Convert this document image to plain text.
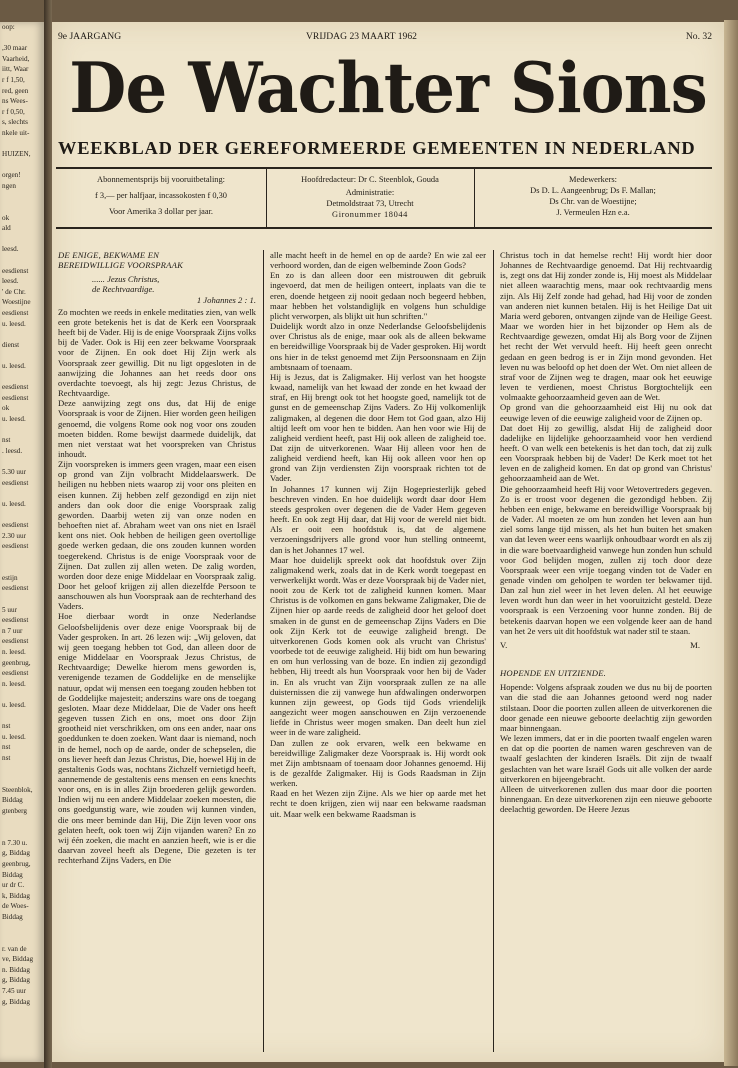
oop:

,30 maar
Vaarheid,
iitt, Waar
r f 1,50,
red, geen
ns Wees-
r f 0,50,
s, slechts
nkele uit-

HUIZEN,

orgen!
ngen

ok
ald

leesd.

eesdienst
leesd.
' de Chr.
Woestijne
eesdienst
u. leesd.

dienst

u. leesd.

eesdienst
eesdienst
ok
u. leesd.

nst
. leesd.

5.30 uur
eesdienst

u. leesd.

eesdienst
2.30 uur
eesdienst

estijn
eesdienst

5 uur
eesdienst
n 7 uur
eesdienst
n. leesd.
geenbrug,
eesdienst
n. leesd.

u. leesd.

nst
u. leesd.
nst
nst

Steenblok,
Biddag
gtenberg

n 7.30 u.
g, Biddag
geenbrug,
Biddag
ur dr C.
k, Biddag
de Woes-
Biddag

r. van de
ve, Biddag
n. Biddag
g, Biddag
7.45 uur
g, Biddag
9e JAARGANG	VRIJDAG 23 MAART 1962	No. 32
De Wachter Sions
WEEKBLAD DER GEREFORMEERDE GEMEENTEN IN NEDERLAND
Abonnementsprijs bij vooruitbetaling:
f 3,— per halfjaar, incassokosten f 0,30
Voor Amerika 3 dollar per jaar.
Hoofdredacteur: Dr C. Steenblok, Gouda
Administratie:
Detmoldstraat 73, Utrecht
Gironummer 18044
Medewerkers:
Ds D. L. Aangeenbrug; Ds F. Mallan;
Ds Chr. van de Woestijne;
J. Vermeulen Hzn e.a.
DE ENIGE, BEKWAME EN
BEREIDWILLIGE VOORSPRAAK
...... Jezus Christus,
de Rechtvaardige.
1 Johannes 2 : 1.

Zo mochten we reeds in enkele meditaties zien, van welk een grote betekenis het is dat de Kerk een Voorspraak heeft bij de Vader. Hij is de enige Voorspraak Zijns volks bij de Vader. Ook is Hij een zeer bekwame Voorspraak voor de Zijnen. En ook doet Hij Zijn werk als Voorspraak zeer gewillig. Dit nu ligt opgesloten in de aanwijzing die Johannes aan het reeds door ons overdachte toevoegt, als hij zegt: Jezus Christus, de Rechtvaardige.

Deze aanwijzing zegt ons dus, dat Hij de enige Voorspraak is voor de Zijnen. Hier worden geen heiligen genoemd, die volgens Rome ook nog voor ons zouden moeten bidden. Rome bewijst daarmede duidelijk, dat men niet verstaat wat het voorspreken van Christus inhoudt.

Zijn voorspreken is immers geen vragen, maar een eisen op grond van Zijn volbracht Middelaarswerk. De heiligen nu hebben niets waarop zij voor ons pleiten en eisen kunnen. Zij hebben zelf gezondigd en zijn niet anders dan ook door die enige Voorspraak zalig geworden. Daarbij weten zij van onze noden en behoeften niet af. Abraham weet van ons niet en Israël kent ons niet. Ook hebben de heiligen geen overtollige goede werken gedaan, die ons zouden kunnen worden toegerekend. Christus is de enige Voorspraak voor de Zijnen. Dat zullen zij allen weten. De zalig worden, worden door deze enige Middelaar en Voorspraak zalig. Door het geloof krijgen zij allen diezelfde Persoon te aanschouwen als hun Voorspraak aan de rechterhand des Vaders.

Hoe dierbaar wordt in onze Nederlandse Geloofsbelijdenis over deze enige Voorspraak bij de Vader gesproken. In art. 26 lezen wij: „Wij geloven, dat wij geen toegang hebben tot God, dan alleen door de enige Middelaar en Voorspraak Jezus Christus, de Rechtvaardige; Dewelke hierom mens geworden is, verenigende tezamen de Goddelijke en de menselijke natuur, opdat wij mensen een toegang zouden hebben tot de Goddelijke majesteit; anderszins ware ons de toegang gesloten. Maar deze Middelaar, Die de Vader ons heeft gegeven tussen Zich en ons, moet ons door Zijn grootheid niet verschrikken, om ons een ander, naar ons goeddunken te doen zoeken. Want daar is niemand, noch in de hemel, noch op de aarde, onder de schepselen, die ons liever heeft dan Jezus Christus, Die, hoewel Hij in de gestaltenis Gods was, nochtans Zichzelf vernietigd heeft, aannemende de gestaltenis eens mensen en eens knechts voor ons, en is in alles Zijn broederen gelijk geworden. Indien wij nu een andere Middelaar zoeken moesten, die ons goedgunstig ware, wie zouden wij kunnen vinden, die ons meer beminde dan Hij, Die Zijn leven voor ons gelaten heeft, ook toen wij Zijn vijanden waren? En zo wij één zoeken, die macht en aanzien heeft, wie is er die daarvan zoveel heeft als Degene, Die gezeten is ter rechterhand Zijns Vaders, en Die

alle macht heeft in de hemel en op de aarde? En wie zal eer verhoord worden, dan de eigen welbeminde Zoon Gods?

En zo is dan alleen door een mistrouwen dit gebruik ingevoerd, dat men de heiligen onteert, inplaats van die te eren, doende hetgeen zij nooit gedaan noch begeerd hebben, maar hebben het volstandiglijk en volgens hun schuldige plicht verworpen, als blijkt uit hun schriften."

Duidelijk wordt alzo in onze Nederlandse Geloofsbelijdenis over Christus als de enige, maar ook als de alleen bekwame en bereidwillige Voorspraak bij de Vader gesproken. Hij wordt ons hier in de tekst genoemd met Zijn Persoonsnaam en Zijn ambtsnaam of toenaam.

Hij is Jezus, dat is Zaligmaker. Hij verlost van het hoogste kwaad, namelijk van het kwaad der zonde en het kwaad der straf, en Hij brengt ook tot het hoogste goed, namelijk tot de gunst en de gemeenschap Zijns Vaders. Zo Hij volkomenlijk zaligmaken, al degenen die door Hem tot God gaan, alzo Hij altijd leeft om voor hen te bidden. Aan hen voor wie Hij de zaligheid verdient heeft, past Hij ook alleen de zaligheid toe. Dat zijn de uitverkorenen. Waar Hij alleen voor hen de zaligheid verdiend heeft, kan Hij ook alleen voor hen op grond van Zijn verdiensten Zijn voorspraak richten tot de Vader.

In Johannes 17 kunnen wij Zijn Hogepriesterlijk gebed beschreven vinden. En hoe duidelijk wordt daar door Hem steeds gesproken over degenen die de Vader Hem gegeven heeft. En ook zegt Hij daar, dat Hij voor de wereld niet bidt. Als er ooit een hoofdstuk is, dat de algemene verzoeningsdrijvers alle grond voor hun stelling ontneemt, dan is het Johannes 17 wel.

Maar hoe duidelijk spreekt ook dat hoofdstuk over Zijn zaligmakend werk, zoals dat in de Kerk wordt toegepast en verwerkelijkt wordt. Was er deze Voorspraak bij de Vader niet, nooit zou de Kerk tot de zaligheid kunnen komen. Maar Christus is de volkomen en gans bekwame Zaligmaker, Die de Zijnen hier op aarde reeds de zaligheid door het geloof doet smaken in de gunst en de gemeenschap Zijns Vaders en Die ook Zijn Kerk tot de eeuwige zaligheid brengt. De uitverkorenen Gods komen ook als vrucht van Christus' voorbede tot de eeuwige zaligheid. Hij bidt om hun bewaring en om hun verlossing van de boze. En indien zij gezondigd hebben, Hij treedt als hun Voorspraak voor hen bij de Vader in. En als vrucht van Zijn voorspraak zullen ze na alle duisternissen die zij vanwege hun afdwalingen onderworpen kunnen zijn geweest, op Gods tijd Gods vriendelijk aangezicht weer mogen aanschouwen en Zijn verzoenende liefde in Christus weer mogen smaken. Dan deelt hun ziel weer in de ware zaligheid.

Dan zullen ze ook ervaren, welk een bekwame en bereidwillige Zaligmaker deze Voorspraak is. Hij wordt ook met Zijn ambtsnaam of toenaam door Johannes genoemd. Hij is de gezalfde Zaligmaker. Hij is Gods Raadsman in Zijn werken.

Raad en het Wezen zijn Zijne. Als we hier op aarde met het recht te doen krijgen, zien wij naar een bekwame raadsman uit. Maar welk een bekwame Raadsman is

Christus toch in dat hemelse recht! Hij wordt hier door Johannes de Rechtvaardige genoemd. Dat Hij rechtvaardig is, zegt ons dat Hij zonder zonde is, Hij moest als Middelaar niet alleen waarachtig mens, maar ook rechtvaardig mens zijn. Als Hij Zelf zonde had gehad, had Hij voor de zonden van anderen niet kunnen betalen. Hij is het Heilige Dat uit Maria werd geboren, ontvangen zijnde van de Heilige Geest. Maar we worden hier in het bijzonder op Hem als de Rechtvaardige gewezen, omdat Hij als Borg voor de Zijnen het recht der Wet vervuld heeft. Hij heeft geen onrecht gedaan en geen bedrog is er in Zijn mond gevonden. Het leven nu was beloofd op het doen der Wet. Om niet alleen de straf voor de Zijnen weg te dragen, maar ook het eeuwige leven te verdienen, moest Christus Borgtochtelijk een volmaakte gehoorzaamheid geven aan de Wet.

Op grond van die gehoorzaamheid eist Hij nu ook dat eeuwige leven of die eeuwige zaligheid voor de Zijnen op.

Dat doet Hij zo gewillig, alsdat Hij de zaligheid door dadelijke en lijdelijke gehoorzaamheid voor hen verdiend heeft. O van welk een betekenis is het dan toch, dat zij zulk een Voorspraak hebben bij de Vader! De Kerk moet tot het leven en de zaligheid komen. En dat op grond van Christus' gehoorzaamheid aan de Wet.

Die gehoorzaamheid heeft Hij voor Wetovertreders gegeven. Zo is er troost voor degenen die gezondigd hebben. Zij hebben een enige, bekwame en bereidwillige Voorspraak bij de Vader. Al moeten ze om hun zonden het leven aan hun ziel soms lange tijd missen, als het hun buiten het smaken van dat leven weer eens waarlijk onhoudbaar wordt en als zij in die ware boetvaardigheid vanwege hun zonden hun schuld voor God belijden mogen, zullen zij toch door deze Voorspraak weer een vrije toegang vinden tot de Vader en genade vinden om geholpen te worden ter bekwamer tijd. Dan zal hun ziel weer in het leven delen. Al het eeuwige leven wordt hun dan weer in het vooruitzicht gesteld. Deze voorspraak is een Verzoening voor hunne zonden. Bij de betekenis daarvan hopen we een volgende keer aan de hand van het 2e vers uit dit hoofdstuk wat nader stil te staan.

V.	M.
HOPENDE EN UITZIENDE.

Hopende: Volgens afspraak zouden we dus nu bij de poorten van die stad die aan Johannes getoond werd nog nader stilstaan. Door die poorten zullen alleen de uitverkorenen die door genade een nieuwe geboorte deelachtig zijn geworden maar binnengaan.

We lezen immers, dat er in die poorten twaalf engelen waren en dat op die poorten de namen waren geschreven van de twaalf geslachten der kinderen Israëls. Dit zijn de twaalf geslachten van het ware Israël Gods uit alle volken der aarde uitverkoren en bijeengebracht.

Alleen de uitverkorenen zullen dus maar door die poorten binnengaan. En deze uitverkorenen zijn een nieuwe geboorte deelachtig geworden. De Heere Jezus
